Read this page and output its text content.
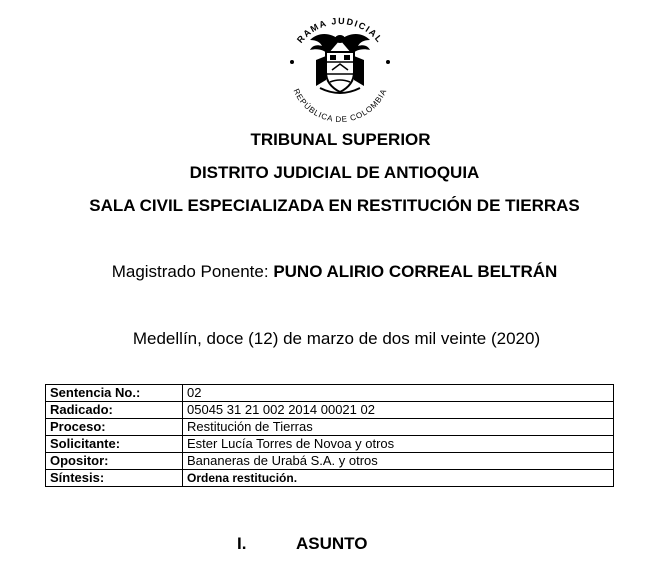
RAMA JUDICIAL
REPÚBLICA DE COLOMBIA
TRIBUNAL SUPERIOR
DISTRITO JUDICIAL DE ANTIOQUIA
SALA CIVIL ESPECIALIZADA EN RESTITUCIÓN DE TIERRAS
Magistrado Ponente: PUNO ALIRIO CORREAL BELTRÁN
Medellín, doce (12) de marzo de dos mil veinte (2020)
Sentencia No.:	02
Radicado:	05045 31 21 002 2014 00021 02
Proceso:	Restitución de Tierras
Solicitante:	Ester Lucía Torres de Novoa y otros
Opositor:	Bananeras de Urabá S.A. y otros
Síntesis:	Ordena restitución.
I.	ASUNTO
